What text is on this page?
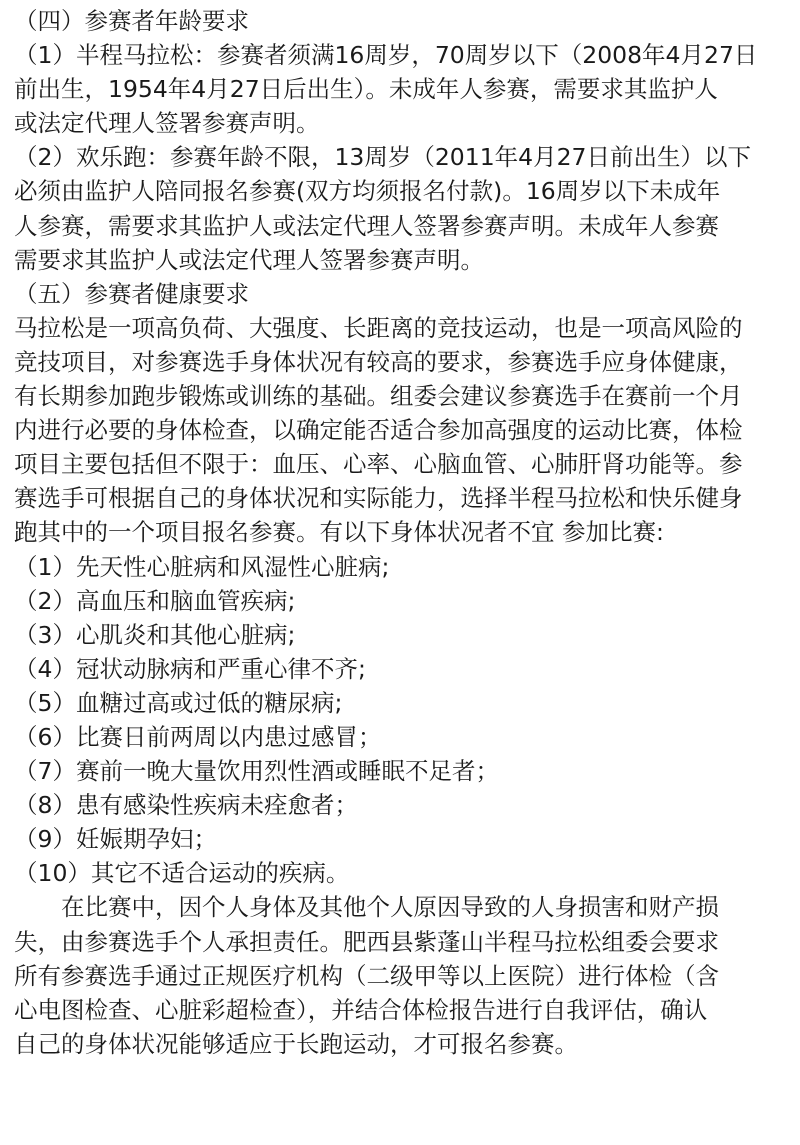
（四）参赛者年龄要求
（1）半程马拉松：参赛者须满16周岁，70周岁以下（2008年4月27日
前出生，1954年4月27日后出生）。未成年人参赛，需要求其监护人
或法定代理人签署参赛声明。
（2）欢乐跑：参赛年龄不限，13周岁（2011年4月27日前出生）以下
必须由监护人陪同报名参赛(双方均须报名付款)。16周岁以下未成年
人参赛，需要求其监护人或法定代理人签署参赛声明。未成年人参赛
需要求其监护人或法定代理人签署参赛声明。
（五）参赛者健康要求
马拉松是一项高负荷、大强度、长距离的竞技运动，也是一项高风险的
竞技项目，对参赛选手身体状况有较高的要求，参赛选手应身体健康，
有长期参加跑步锻炼或训练的基础。组委会建议参赛选手在赛前一个月
内进行必要的身体检查，以确定能否适合参加高强度的运动比赛，体检
项目主要包括但不限于：血压、心率、心脑血管、心肺肝肾功能等。参
赛选手可根据自己的身体状况和实际能力，选择半程马拉松和快乐健身
跑其中的一个项目报名参赛。有以下身体状况者不宜 参加比赛:
（1）先天性心脏病和风湿性心脏病;
（2）高血压和脑血管疾病;
（3）心肌炎和其他心脏病;
（4）冠状动脉病和严重心律不齐;
（5）血糖过高或过低的糖尿病;
（6）比赛日前两周以内患过感冒；
（7）赛前一晚大量饮用烈性酒或睡眠不足者；
（8）患有感染性疾病未痊愈者；
（9）妊娠期孕妇；
（10）其它不适合运动的疾病。
在比赛中，因个人身体及其他个人原因导致的人身损害和财产损
失，由参赛选手个人承担责任。肥西县紫蓬山半程马拉松组委会要求
所有参赛选手通过正规医疗机构（二级甲等以上医院）进行体检（含
心电图检查、心脏彩超检查），并结合体检报告进行自我评估，确认
自己的身体状况能够适应于长跑运动，才可报名参赛。
